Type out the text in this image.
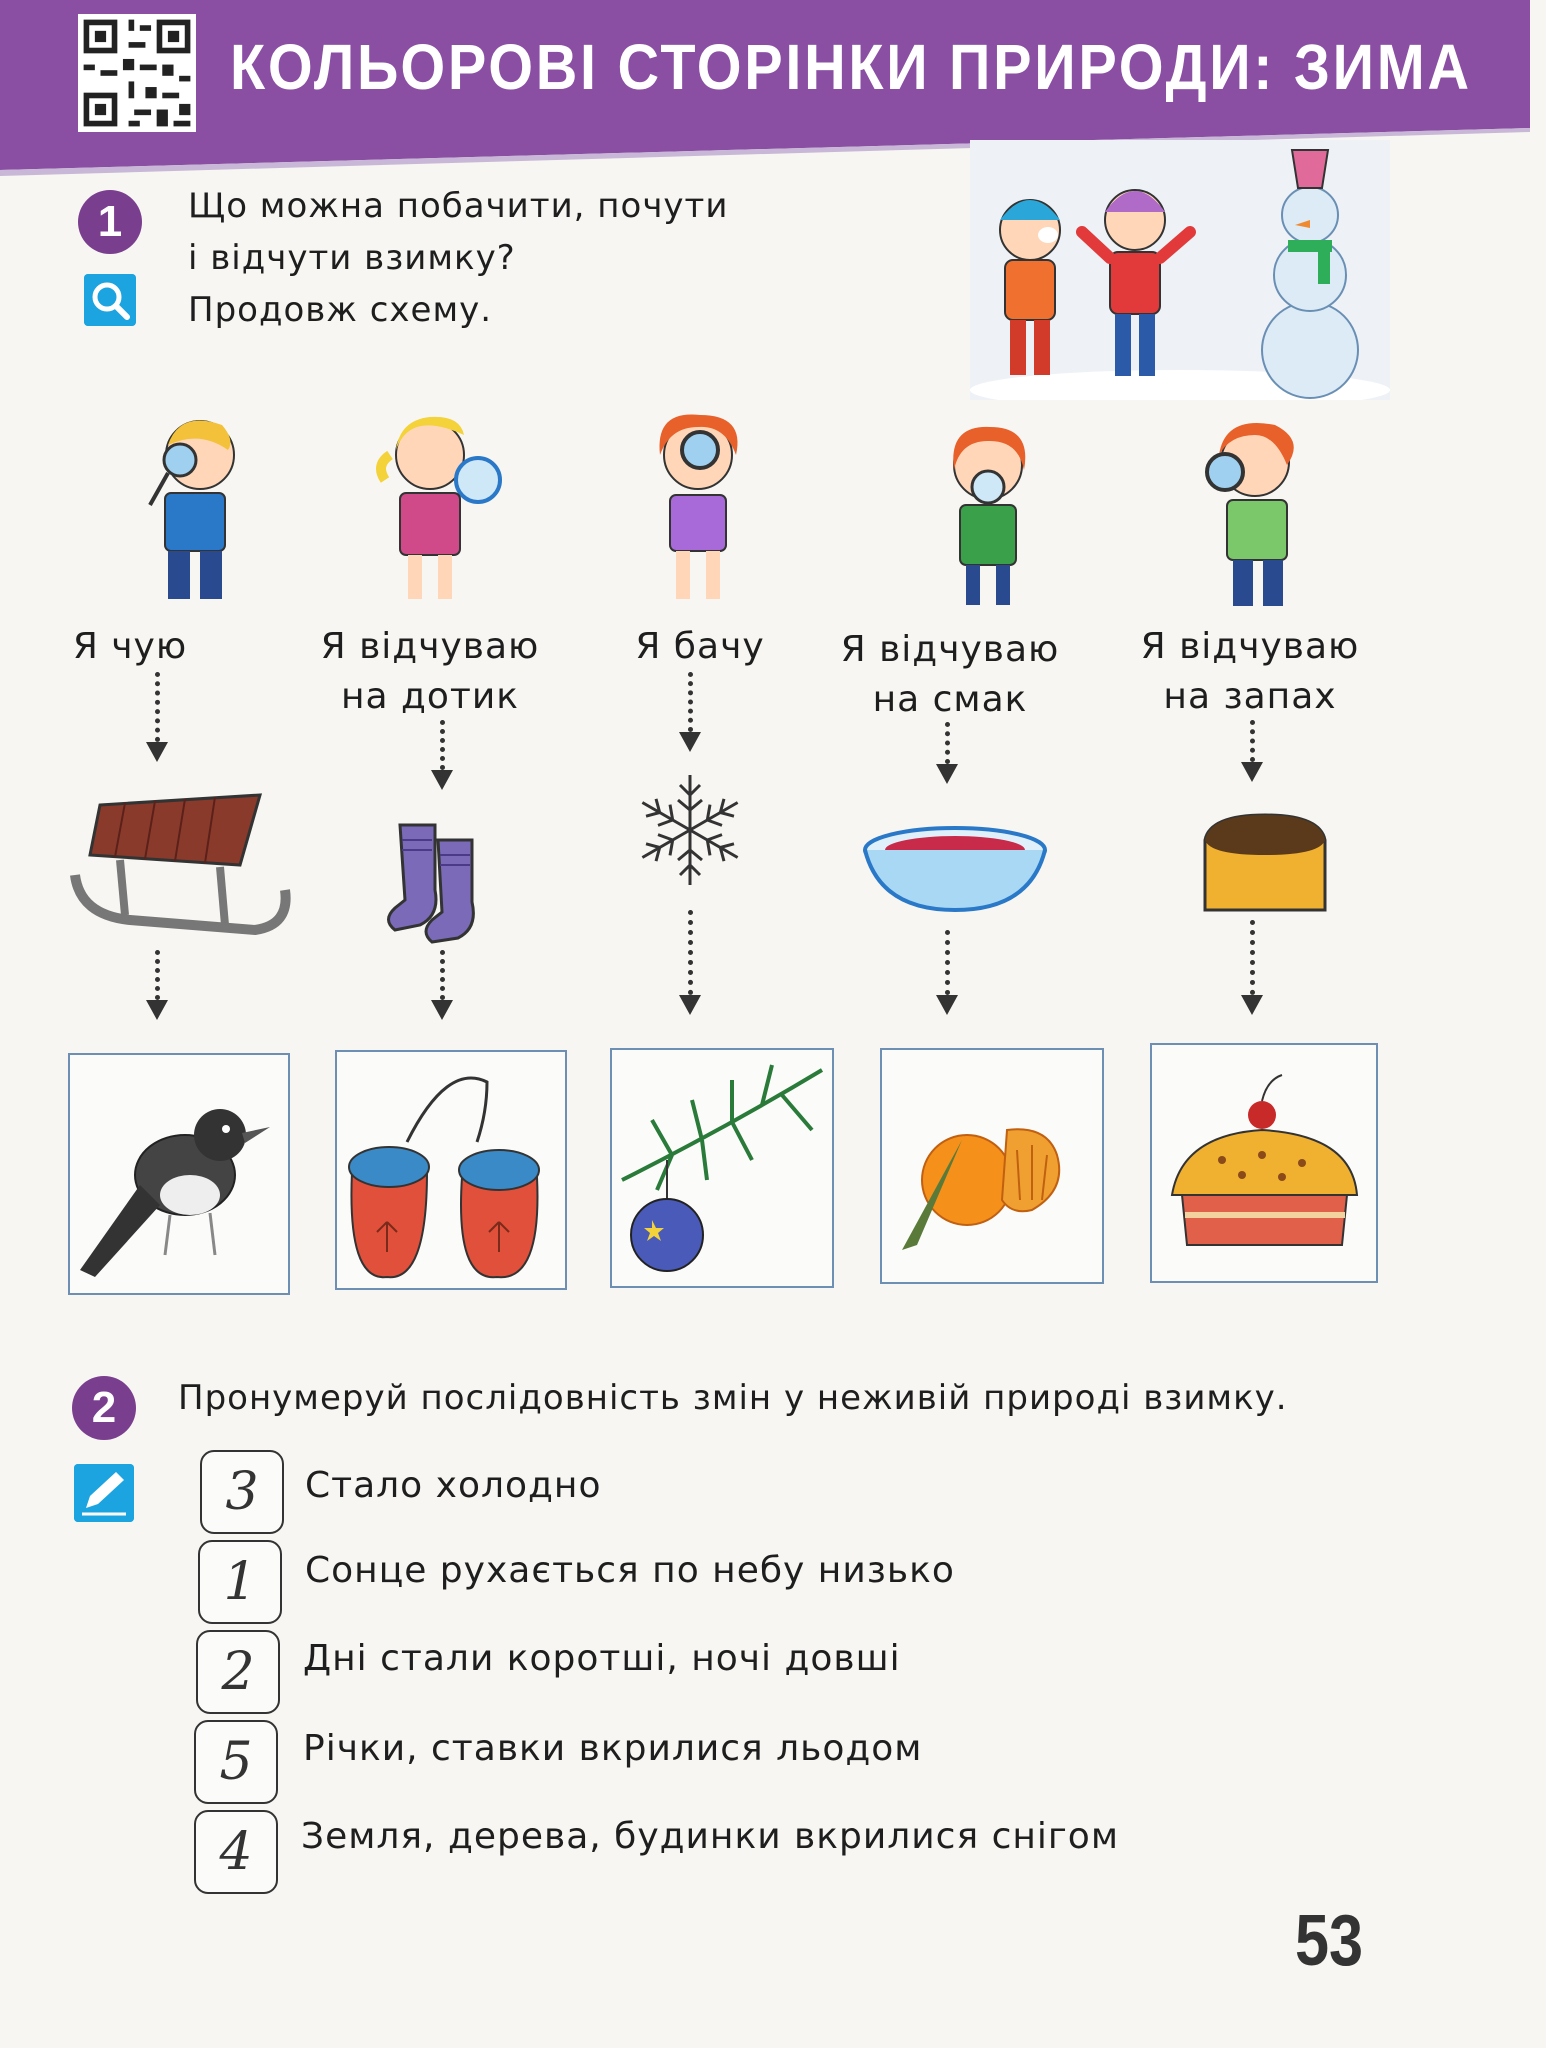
КОЛЬОРОВІ СТОРІНКИ ПРИРОДИ: ЗИМА
1	Що можна побачити, почути
і відчути взимку?
Продовж схему.
Я чую	Я відчуваю
на дотик
Я бачу	Я відчуваю
на смак
Я відчуваю
на запах
2	Пронумеруй послідовність змін у неживій природі взимку.
3	Стало холодно
1	Сонце рухається по небу низько
2	Дні стали коротші, ночі довші
5	Річки, ставки вкрилися льодом
4	Земля, дерева, будинки вкрилися снігом
53
